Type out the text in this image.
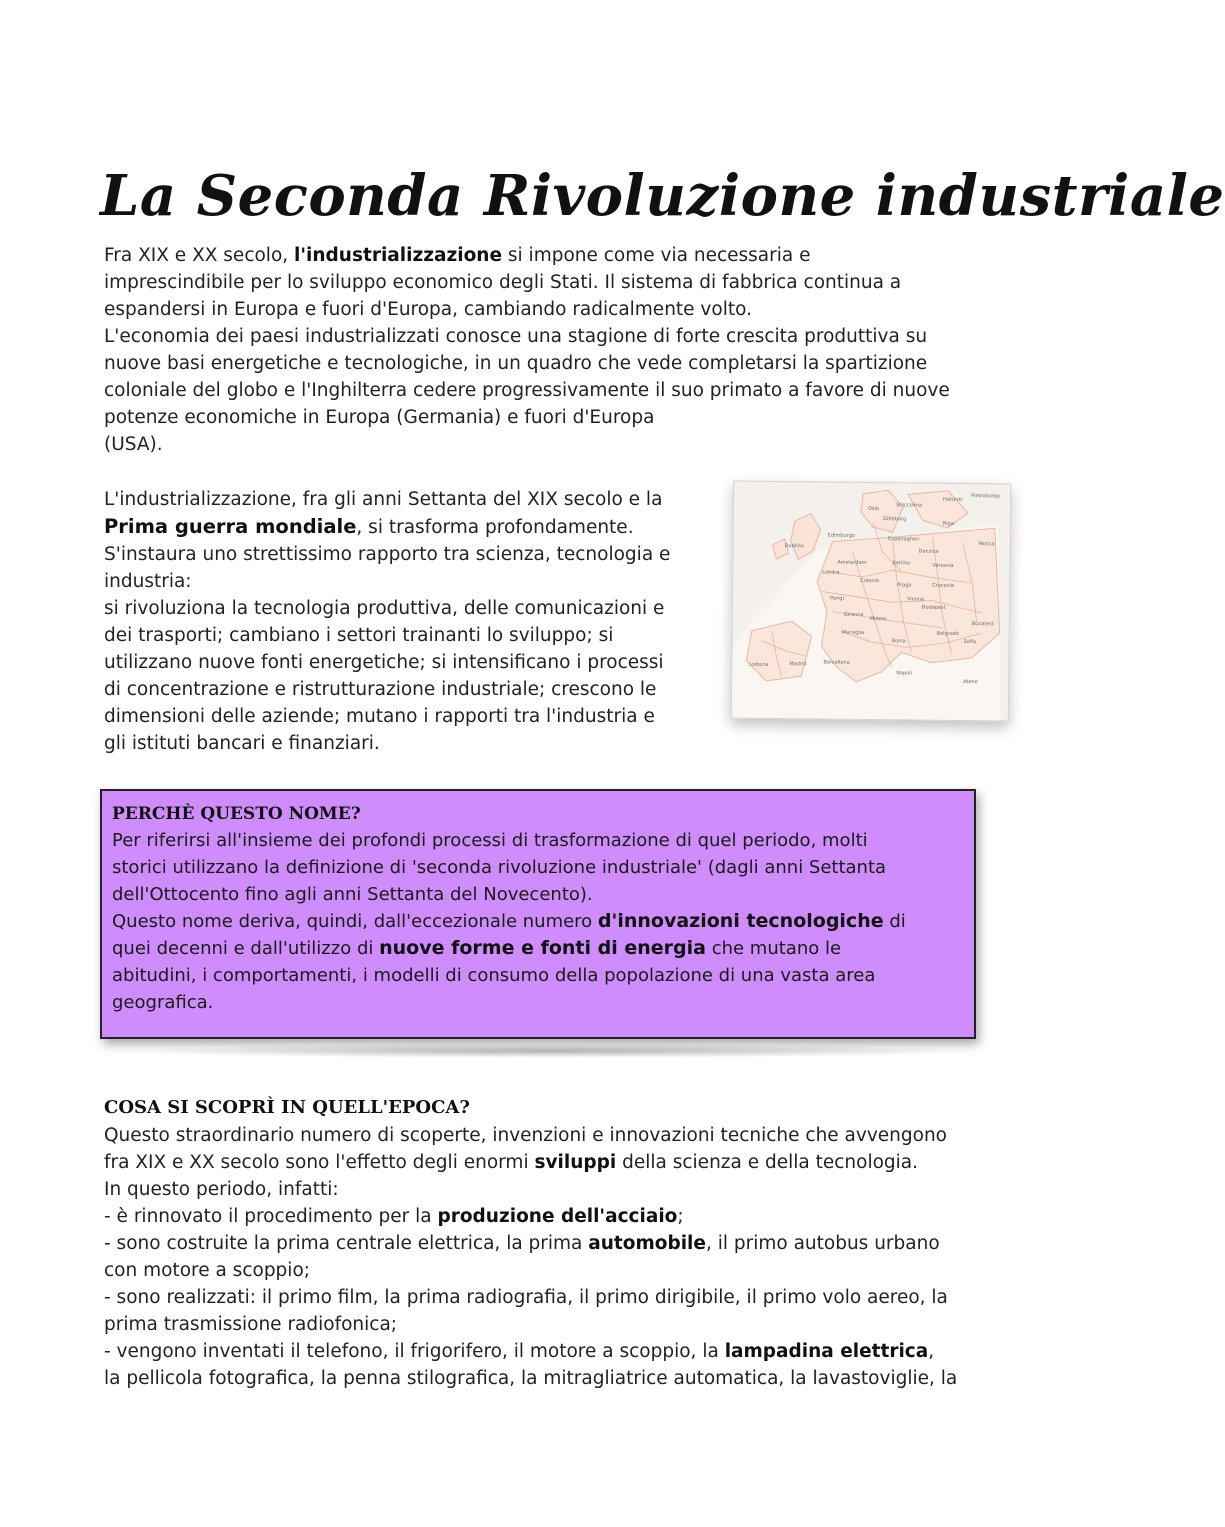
La Seconda Rivoluzione industriale

Fra XIX e XX secolo, l'industrializzazione si impone come via necessaria e
imprescindibile per lo sviluppo economico degli Stati. Il sistema di fabbrica continua a
espandersi in Europa e fuori d'Europa, cambiando radicalmente volto.
L'economia dei paesi industrializzati conosce una stagione di forte crescita produttiva su
nuove basi energetiche e tecnologiche, in un quadro che vede completarsi la spartizione
coloniale del globo e l'Inghilterra cedere progressivamente il suo primato a favore di nuove
potenze economiche in Europa (Germania) e fuori d'Europa
(USA).

L'industrializzazione, fra gli anni Settanta del XIX secolo e la
Prima guerra mondiale, si trasforma profondamente.
S'instaura uno strettissimo rapporto tra scienza, tecnologia e
industria:
si rivoluziona la tecnologia produttiva, delle comunicazioni e
dei trasporti; cambiano i settori trainanti lo sviluppo; si
utilizzano nuove fonti energetiche; si intensificano i processi
di concentrazione e ristrutturazione industriale; crescono le
dimensioni delle aziende; mutano i rapporti tra l'industria e
gli istituti bancari e finanziari.

Helsinki
Pietroburgo
Oslo
Stoccolma
Göteborg
Riga
Edimburgo
Copenaghen
Mosca
Danzica
Dublino
Amsterdam	Berlino	Varsavia
Londra
Colonia
Praga	Cracovia
Parigi	Vienna
Budapest
Ginevra
Milano
Belgrado
Bucarest
Marsiglia
Roma	Sofia
Lisbona	Madrid	Barcellona
Napoli
Atene

PERCHÈ QUESTO NOME?

Per riferirsi all'insieme dei profondi processi di trasformazione di quel periodo, molti
storici utilizzano la definizione di 'seconda rivoluzione industriale' (dagli anni Settanta
dell'Ottocento fino agli anni Settanta del Novecento).
Questo nome deriva, quindi, dall'eccezionale numero d'innovazioni tecnologiche di
quei decenni e dall'utilizzo di nuove forme e fonti di energia che mutano le
abitudini, i comportamenti, i modelli di consumo della popolazione di una vasta area
geografica.

COSA SI SCOPRÌ IN QUELL'EPOCA?

Questo straordinario numero di scoperte, invenzioni e innovazioni tecniche che avvengono
fra XIX e XX secolo sono l'effetto degli enormi sviluppi della scienza e della tecnologia.
In questo periodo, infatti:
- è rinnovato il procedimento per la produzione dell'acciaio;
- sono costruite la prima centrale elettrica, la prima automobile, il primo autobus urbano
con motore a scoppio;
- sono realizzati: il primo film, la prima radiografia, il primo dirigibile, il primo volo aereo, la
prima trasmissione radiofonica;
- vengono inventati il telefono, il frigorifero, il motore a scoppio, la lampadina elettrica,
la pellicola fotografica, la penna stilografica, la mitragliatrice automatica, la lavastoviglie, la
